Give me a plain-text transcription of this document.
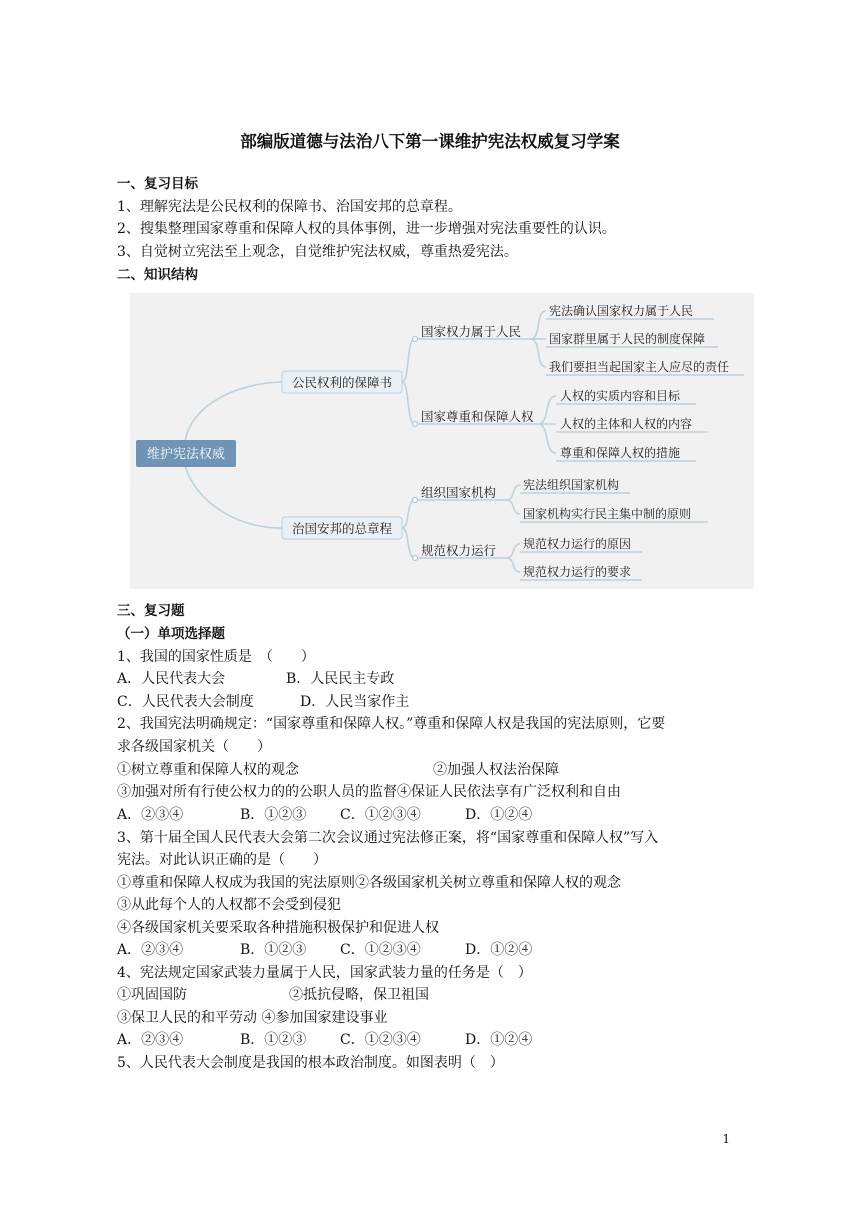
部编版道德与法治八下第一课维护宪法权威复习学案
一、复习目标
1、理解宪法是公民权利的保障书、治国安邦的总章程。
2、搜集整理国家尊重和保障人权的具体事例，进一步增强对宪法重要性的认识。
3、自觉树立宪法至上观念，自觉维护宪法权威，尊重热爱宪法。
二、知识结构
维护宪法权威
公民权利的保障书
治国安邦的总章程
国家权力属于人民
国家尊重和保障人权
组织国家机构
规范权力运行
宪法确认国家权力属于人民
国家群里属于人民的制度保障
我们要担当起国家主人应尽的责任
人权的实质内容和目标
人权的主体和人权的内容
尊重和保障人权的措施
宪法组织国家机构
国家机构实行民主集中制的原则
规范权力运行的原因
规范权力运行的要求
三、复习题
（一）单项选择题
1、我国的国家性质是　（　　）
A．人民代表大会	B．人民民主专政
C．人民代表大会制度	D．人民当家作主
2、我国宪法明确规定：“国家尊重和保障人权。”尊重和保障人权是我国的宪法原则，它要
求各级国家机关（　　）
①树立尊重和保障人权的观念	②加强人权法治保障
③加强对所有行使公权力的的公职人员的监督④保证人民依法享有广泛权利和自由
A．②③④	B．①②③ C．①②③④	D．①②④
3、第十届全国人民代表大会第二次会议通过宪法修正案，将“国家尊重和保障人权”写入
宪法。对此认识正确的是（　　）
①尊重和保障人权成为我国的宪法原则②各级国家机关树立尊重和保障人权的观念
③从此每个人的人权都不会受到侵犯
④各级国家机关要采取各种措施积极保护和促进人权
A．②③④	B．①②③ C．①②③④	D．①②④
4、宪法规定国家武装力量属于人民，国家武装力量的任务是（　）
①巩固国防	②抵抗侵略，保卫祖国
③保卫人民的和平劳动 ④参加国家建设事业
A．②③④	B．①②③ C．①②③④	D．①②④
5、人民代表大会制度是我国的根本政治制度。如图表明（　）
1
